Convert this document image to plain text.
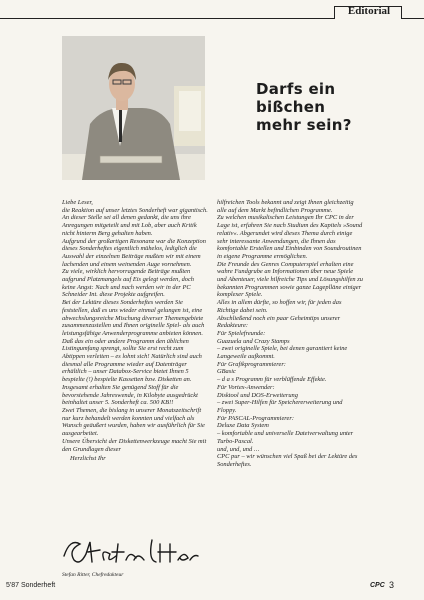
Editorial
Darfs ein
bißchen
mehr sein?

Liebe Leser,

die Reaktion auf unser letztes Sonderheft war gigantisch. An dieser Stelle sei all denen gedankt, die uns ihre Anregungen mitgeteilt und mit Lob, aber auch Kritik nicht hinterm Berg gehalten haben.

Aufgrund der großartigen Resonanz war die Konzeption dieses Sonderheftes eigentlich mühelos, lediglich die Auswahl der einzelnen Beiträge mußten wir mit einem lachenden und einem weinenden Auge vornehmen.

Zu viele, wirklich hervorragende Beiträge mußten aufgrund Platzmangels auf Eis gelegt werden, doch keine Angst: Nach und nach werden wir in der PC Schneider Int. diese Projekte aufgreifen.

Bei der Lektüre dieses Sonderheftes werden Sie feststellen, daß es uns wieder einmal gelungen ist, eine abwechslungsreiche Mischung diverser Themengebiete zusammenzustellen und Ihnen originelle Spiel- als auch leistungsfähige Anwenderprogramme anbieten können.

Daß das ein oder andere Programm den üblichen Listingumfang sprengt, sollte Sie erst recht zum Abtippen verleiten – es lohnt sich! Natürlich sind auch diesmal alle Programme wieder auf Datenträger erhältlich – unser Databox-Service bietet Ihnen 5 bespielte (!) bespielte Kassetten bzw. Disketten an.

Insgesamt erhalten Sie genügend Stoff für die bevorstehende Jahreswende, in Kilobyte ausgedrückt beinhaltet unser 5. Sonderheft ca. 500 KB!!

Zwei Themen, die bislang in unserer Monatszeitschrift nur kurz behandelt werden konnten und vielfach als Wunsch geäußert wurden, haben wir ausführlich für Sie ausgearbeitet.

Unsere Übersicht der Diskettenwerkzeuge macht Sie mit den Grundlagen dieser

Herzlichst Ihr

hilfreichen Tools bekannt und zeigt Ihnen gleichzeitig alle auf dem Markt befindlichen Programme.

Zu welchen musikalischen Leistungen Ihr CPC in der Lage ist, erfahren Sie nach Studium des Kapitels »Sound relativ«. Abgerundet wird dieses Thema durch einige sehr interessante Anwendungen, die Ihnen das komfortable Erstellen und Einbinden von Soundroutinen in eigene Programme ermöglichen.

Die Freunde des Genres Computerspiel erhalten eine wahre Fundgrube an Informationen über neue Spiele und Abenteuer, viele hilfreiche Tips und Lösungshilfen zu bekannten Programmen sowie ganze Lageplläne einiger komplexer Spiele.

Alles in allem dürfte, so hoffen wir, für jeden das Richtige dabei sein.

Abschließend noch ein paar Geheimtips unserer Redakteure:

Für Spielefreunde:

Guazuela und Crazy Stamps

– zwei originelle Spiele, bei denen garantiert keine Langeweile aufkommt.

Für Grafikprogrammierer:

GBasic

– d a s Programm für verblüffende Effekte.

Für Vortex-Anwender:

Disktool und DOS-Erweiterung

– zwei Super-Hilfen für Speichererweiterung und Floppy.

Für PASCAL-Programmierer:

Deluxe Data System

– komfortable und universelle Dateiverwaltung unter Turbo-Pascal.

und, und, und …

CPC pur – wir wünschen viel Spaß bei der Lektüre des Sonderheftes.

Stefan Ritter, Chefredakteur
5'87 Sonderheft	CPC 3
